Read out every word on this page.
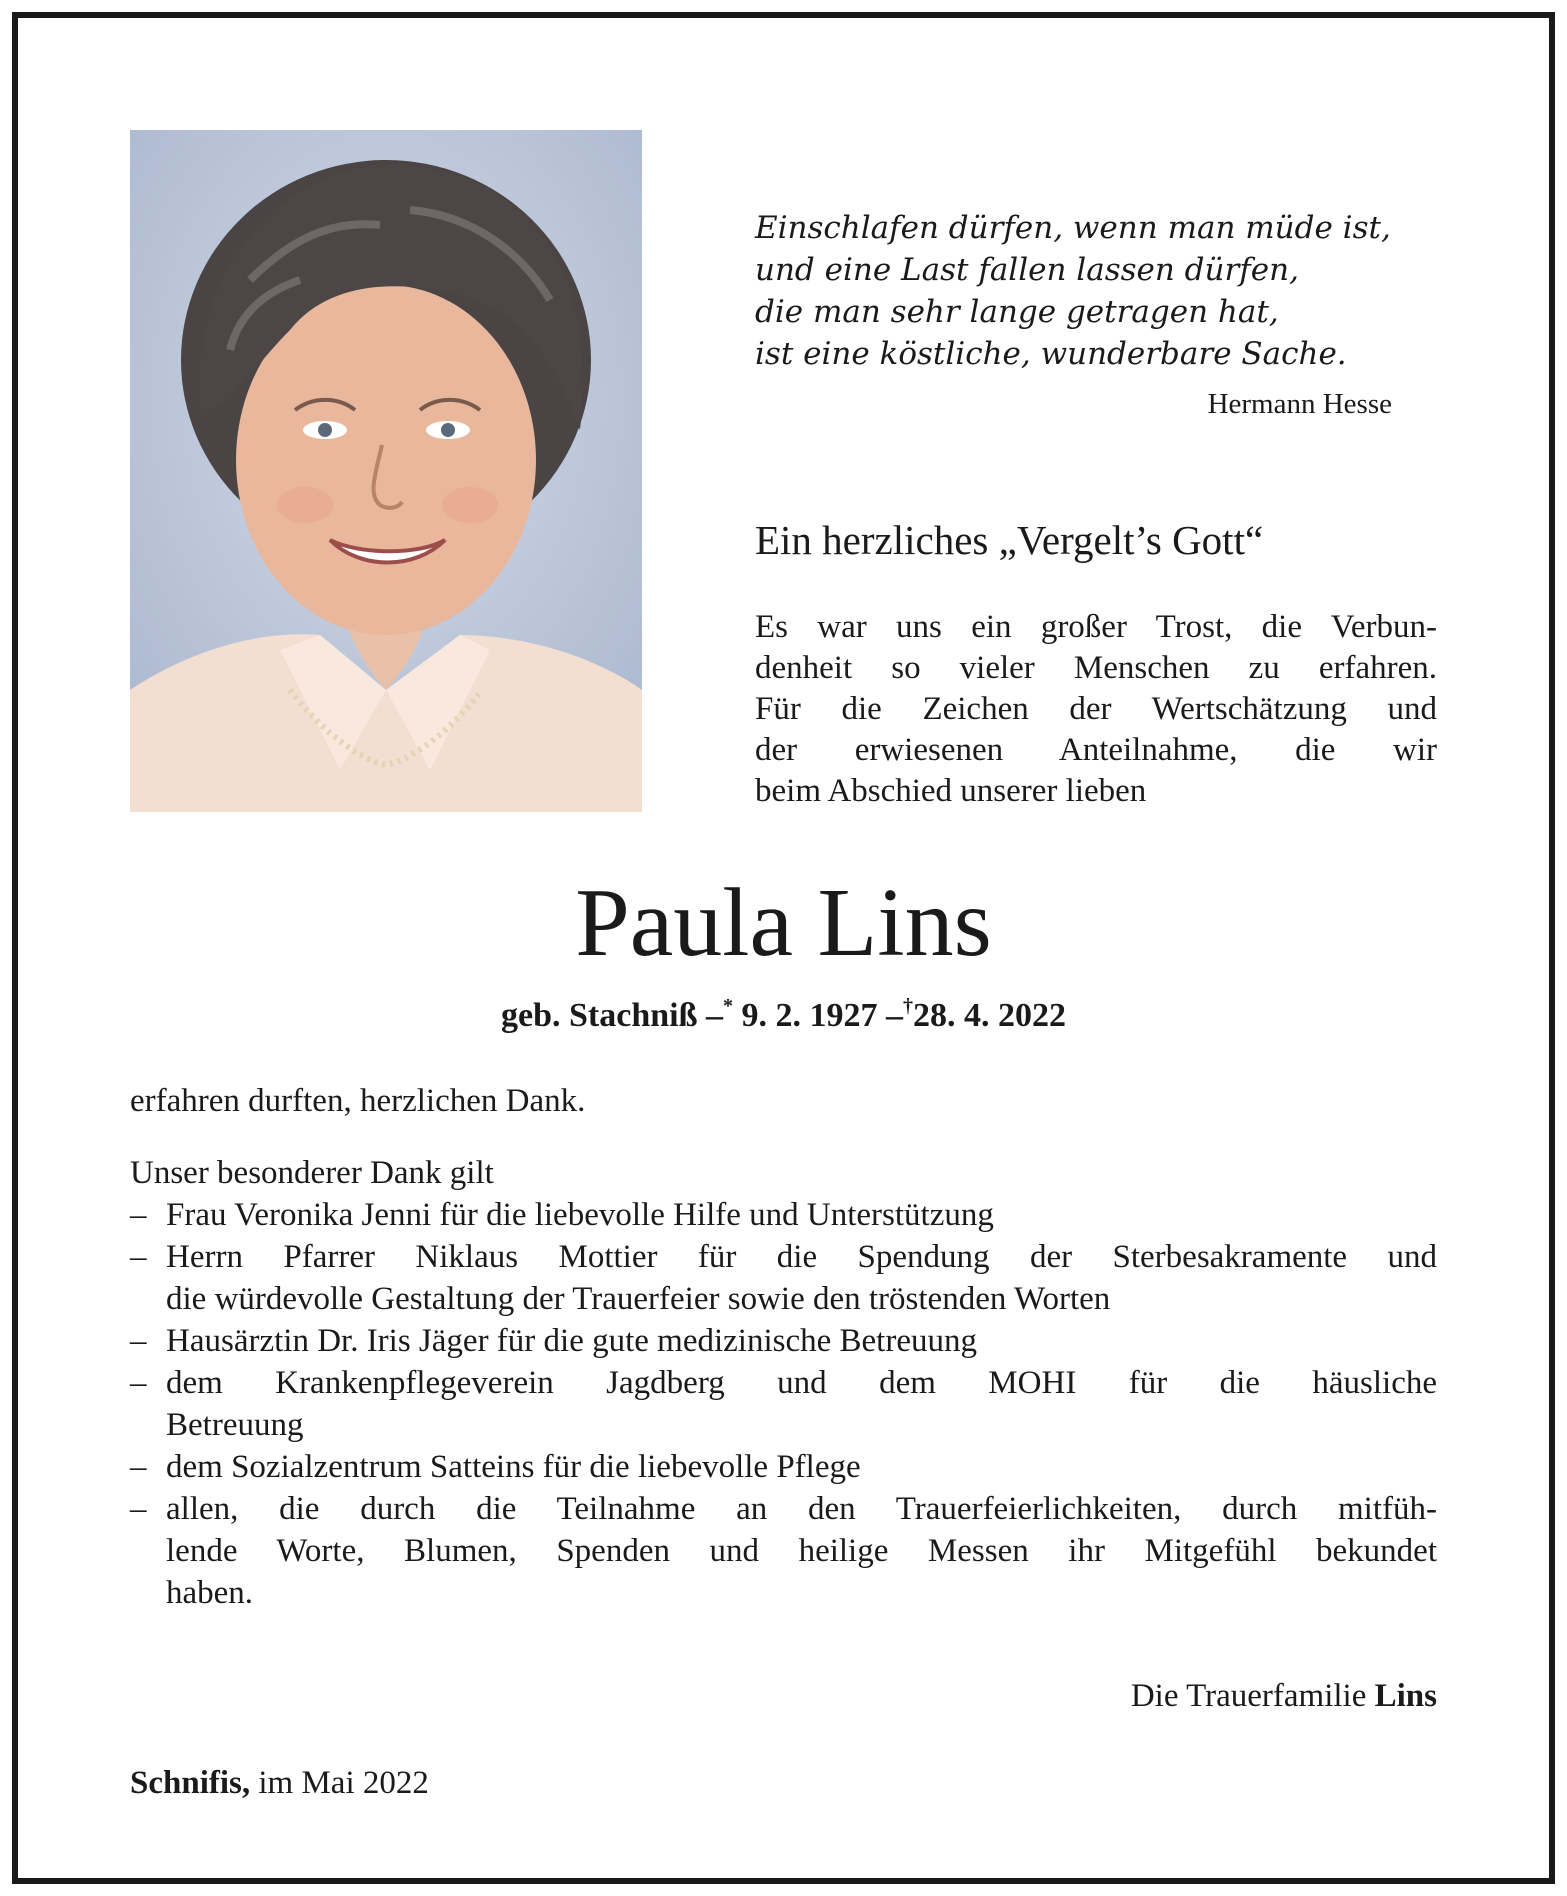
Einschlafen dürfen, wenn man müde ist,
und eine Last fallen lassen dürfen,
die man sehr lange getragen hat,
ist eine köstliche, wunderbare Sache.
Hermann Hesse
Ein herzliches „Vergelt’s Gott“
Es war uns ein großer Trost, die Verbun-
denheit so vieler Menschen zu erfahren.
Für die Zeichen der Wertschätzung und
der erwiesenen Anteilnahme, die wir
beim Abschied unserer lieben
Paula Lins
geb. Stachniß –* 9. 2. 1927 –†28. 4. 2022

erfahren durften, herzlichen Dank.

Unser besonderer Dank gilt

– Frau Veronika Jenni für die liebevolle Hilfe und Unterstützung
– Herrn Pfarrer Niklaus Mottier für die Spendung der Sterbesakramente und
die würdevolle Gestaltung der Trauerfeier sowie den tröstenden Worten
– Hausärztin Dr. Iris Jäger für die gute medizinische Betreuung
– dem Krankenpflegeverein Jagdberg und dem MOHI für die häusliche
Betreuung
– dem Sozialzentrum Satteins für die liebevolle Pflege
– allen, die durch die Teilnahme an den Trauerfeierlichkeiten, durch mitfüh-
lende Worte, Blumen, Spenden und heilige Messen ihr Mitgefühl bekundet
haben.
Die Trauerfamilie Lins
Schnifis, im Mai 2022
